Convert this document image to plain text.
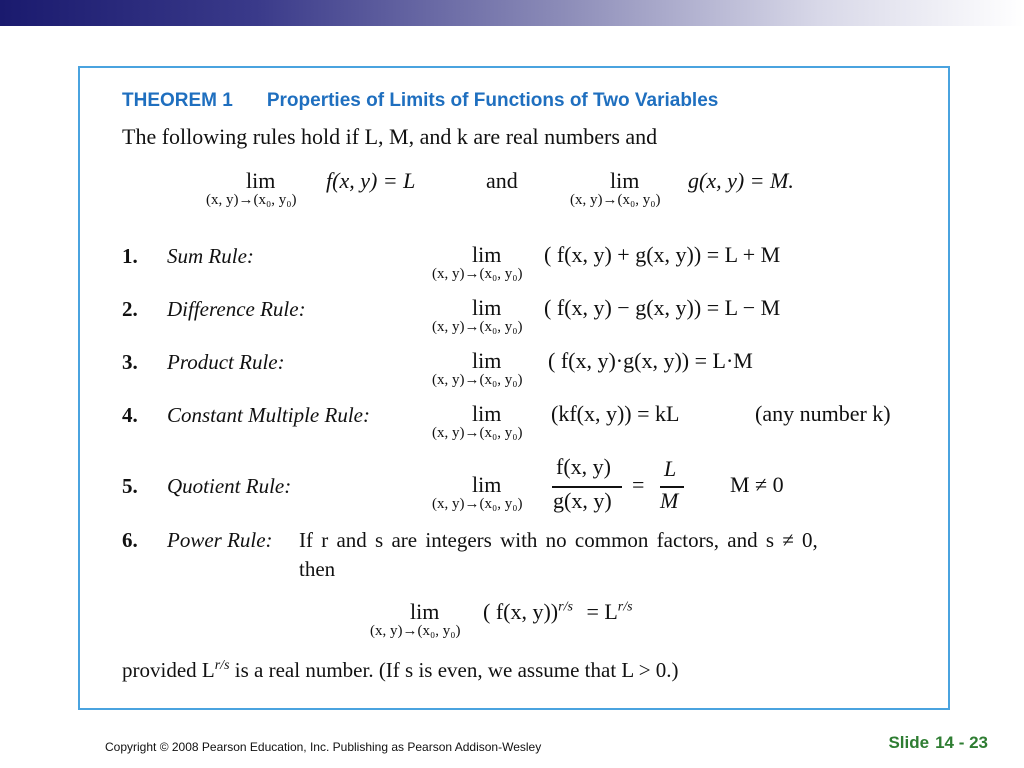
THEOREM 1 Properties of Limits of Functions of Two Variables
The following rules hold if L, M, and k are real numbers and
lim
(x, y)→(x₀, y₀)
f(x, y) = L	and	lim
(x, y)→(x₀, y₀)
g(x, y) = M.
1. Sum Rule:	lim
(x, y)→(x₀, y₀)
( f(x, y) + g(x, y)) = L + M
2. Difference Rule:	lim
(x, y)→(x₀, y₀)
( f(x, y) − g(x, y)) = L − M
3. Product Rule:	lim
(x, y)→(x₀, y₀)
( f(x, y)·g(x, y)) = L·M
4. Constant Multiple Rule:	lim
(x, y)→(x₀, y₀)
(kf(x, y)) = kL	(any number k)
5. Quotient Rule:	lim
(x, y)→(x₀, y₀)
f(x, y)
g(x, y)
=
L
M
M ≠ 0
6. Power Rule: If r and s are integers with no common factors, and s ≠ 0,
then
lim
(x, y)→(x₀, y₀)
( f(x, $y))^{r/s} = L^{r/s}$
provided $L^{r/s}$ is a real number. (If s is even, we assume that L > 0.)
Copyright © 2008 Pearson Education, Inc. Publishing as Pearson Addison-Wesley	Slide 14 - 23
